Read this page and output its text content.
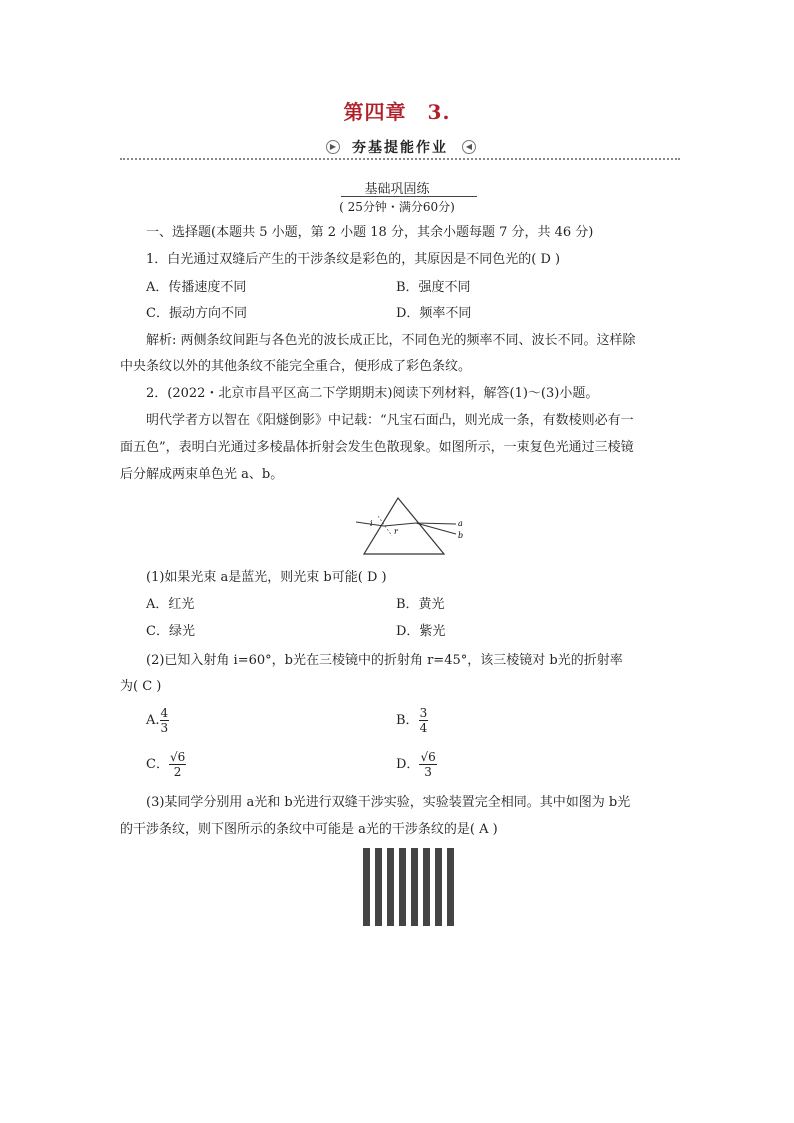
第四章　3.
▶	夯基提能作业	◀
基础巩固练
( 25分钟・满分60分)
一、选择题(本题共 5 小题，第 2 小题 18 分，其余小题每题 7 分，共 46 分)
1．白光通过双缝后产生的干涉条纹是彩色的，其原因是不同色光的( D )
A．传播速度不同	B．强度不同
C．振动方向不同	D．频率不同
解析: 两侧条纹间距与各色光的波长成正比，不同色光的频率不同、波长不同。这样除
中央条纹以外的其他条纹不能完全重合，便形成了彩色条纹。
2．(2022・北京市昌平区高二下学期期末)阅读下列材料，解答(1)～(3)小题。
明代学者方以智在《阳燧倒影》中记载：“凡宝石面凸，则光成一条，有数棱则必有一
面五色”，表明白光通过多棱晶体折射会发生色散现象。如图所示，一束复色光通过三棱镜
后分解成两束单色光 a、b。
i
r
a
b
(1)如果光束 a是蓝光，则光束 b可能( D )
A．红光	B．黄光
C．绿光	D．紫光
(2)已知入射角 i=60°，b光在三棱镜中的折射角 r=45°，该三棱镜对 b光的折射率
为( C )
A. $\frac{4}{3}$	B． $\frac{3}{4}$
C． $\frac{√6}{2}$	D． $\frac{√6}{3}$
(3)某同学分别用 a光和 b光进行双缝干涉实验，实验装置完全相同。其中如图为 b光
的干涉条纹，则下图所示的条纹中可能是 a光的干涉条纹的是( A )
